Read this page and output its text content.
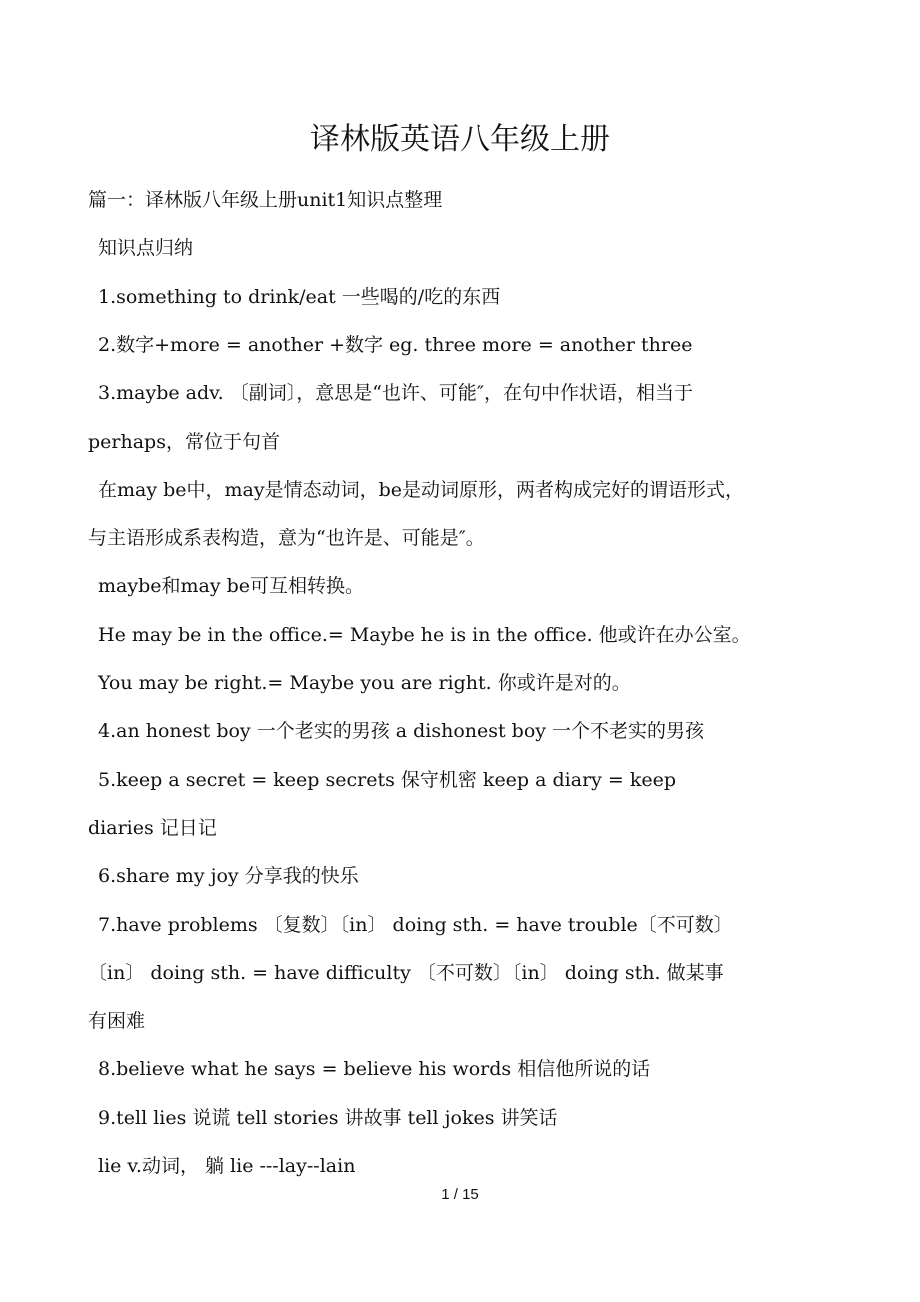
译林版英语八年级上册
篇一：译林版八年级上册unit1知识点整理
知识点归纳
1.something to drink/eat 一些喝的/吃的东西
2.数字+more = another +数字 eg. three more = another three
3.maybe adv. 〔副词〕，意思是“也许、可能″，在句中作状语，相当于
perhaps，常位于句首
在may be中，may是情态动词，be是动词原形，两者构成完好的谓语形式，
与主语形成系表构造，意为“也许是、可能是″。
maybe和may be可互相转换。
He may be in the office.= Maybe he is in the office. 他或许在办公室。
You may be right.= Maybe you are right. 你或许是对的。
4.an honest boy 一个老实的男孩 a dishonest boy 一个不老实的男孩
5.keep a secret = keep secrets 保守机密 keep a diary = keep
diaries 记日记
6.share my joy 分享我的快乐
7.have problems 〔复数〕〔in〕 doing sth. = have trouble〔不可数〕
〔in〕 doing sth. = have difficulty 〔不可数〕〔in〕 doing sth. 做某事
有困难
8.believe what he says = believe his words 相信他所说的话
9.tell lies 说谎 tell stories 讲故事 tell jokes 讲笑话
lie v.动词， 躺 lie ---lay--lain
1 / 15
